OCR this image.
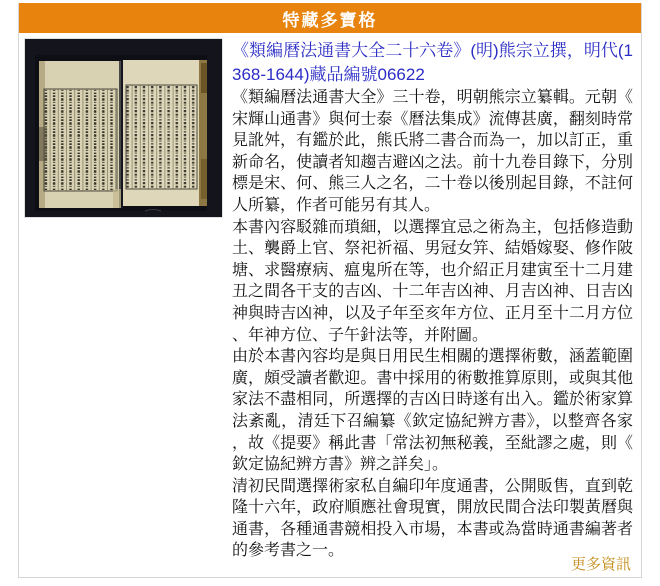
特藏多寶格
《類編曆法通書大全二十六卷》(明)熊宗立撰，明代(1368-1644)藏品編號06622

《類編曆法通書大全》三十卷，明朝熊宗立纂輯。元朝《宋輝山通書》與何士泰《曆法集成》流傳甚廣，翻刻時常見訛舛，有鑑於此，熊氏將二書合而為一，加以訂正，重新命名，使讀者知趨吉避凶之法。前十九卷目錄下，分別標是宋、何、熊三人之名，二十卷以後別起目錄，不註何人所纂，作者可能另有其人。

本書內容駁雜而瑣細，以選擇宜忌之術為主，包括修造動土、襲爵上官、祭祀祈福、男冠女笄、結婚嫁娶、修作陂塘、求醫療病、瘟鬼所在等，也介紹正月建寅至十二月建丑之間各干支的吉凶、十二年吉凶神、月吉凶神、日吉凶神與時吉凶神，以及子年至亥年方位、正月至十二月方位、年神方位、子午針法等，并附圖。

由於本書內容均是與日用民生相關的選擇術數，涵蓋範圍廣，頗受讀者歡迎。書中採用的術數推算原則，或與其他家法不盡相同，所選擇的吉凶日時遂有出入。鑑於術家算法紊亂，清廷下召編纂《欽定協紀辨方書》，以整齊各家，故《提要》稱此書「常法初無秘義，至紕謬之處，則《欽定協紀辨方書》辨之詳矣」。

清初民間選擇術家私自編印年度通書，公開販售，直到乾隆十六年，政府順應社會現實，開放民間合法印製黃曆與通書，各種通書競相投入市場，本書或為當時通書編著者的參考書之一。

更多資訊
